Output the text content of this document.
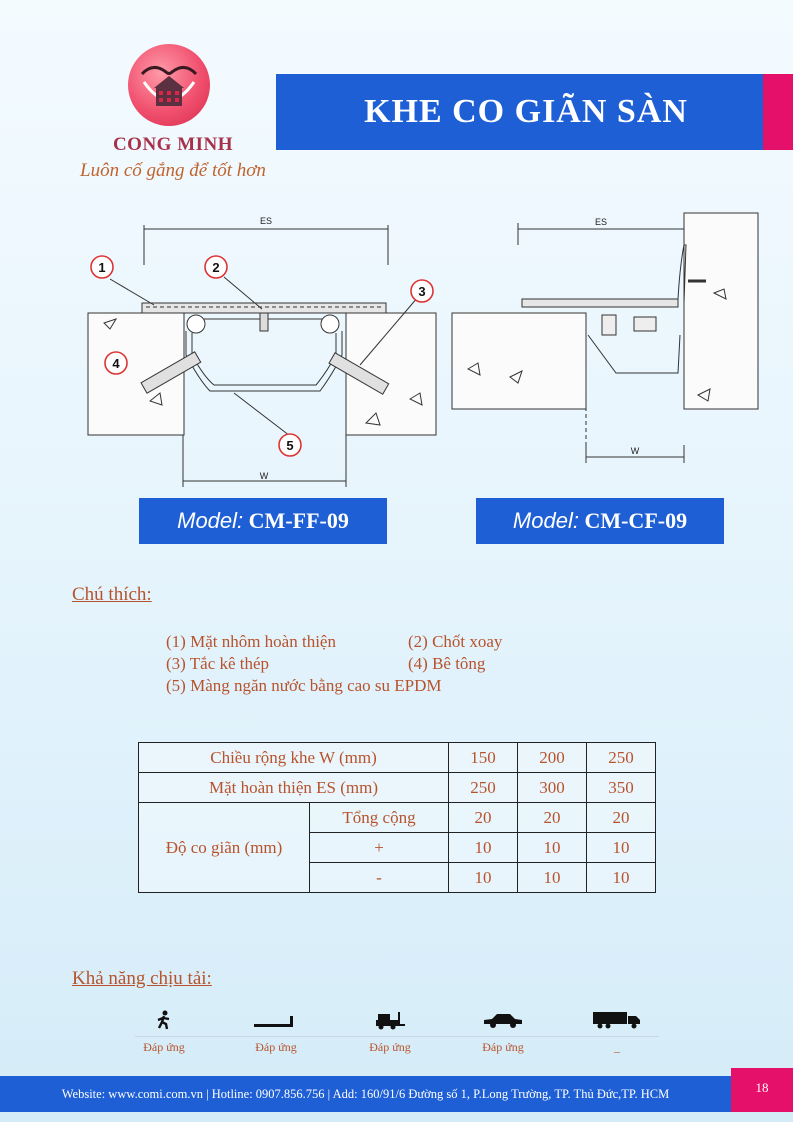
CONG MINH
Luôn cố gắng để tốt hơn
KHE CO GIÃN SÀN
1	2
3
4
5
ES
W
ES
W
Model: CM-FF-09	Model: CM-CF-09
Chú thích:
(1) Mặt nhôm hoàn thiện	(2) Chốt xoay
(3) Tắc kê thép	(4) Bê tông
(5) Màng ngăn nước bằng cao su EPDM
Chiều rộng khe W (mm)		150	200	250
Mặt hoàn thiện ES (mm)		250	300	350
Độ co giãn (mm)	Tổng cộng	20	20	20
	+	10	10	10
	-	10	10	10
Khả năng chịu tải:
Đáp ứng	Đáp ứng	Đáp ứng	Đáp ứng	_
Website: www.comi.com.vn | Hotline: 0907.856.756 | Add: 160/91/6 Đường số 1, P.Long Trường, TP. Thủ Đức,TP. HCM	18
